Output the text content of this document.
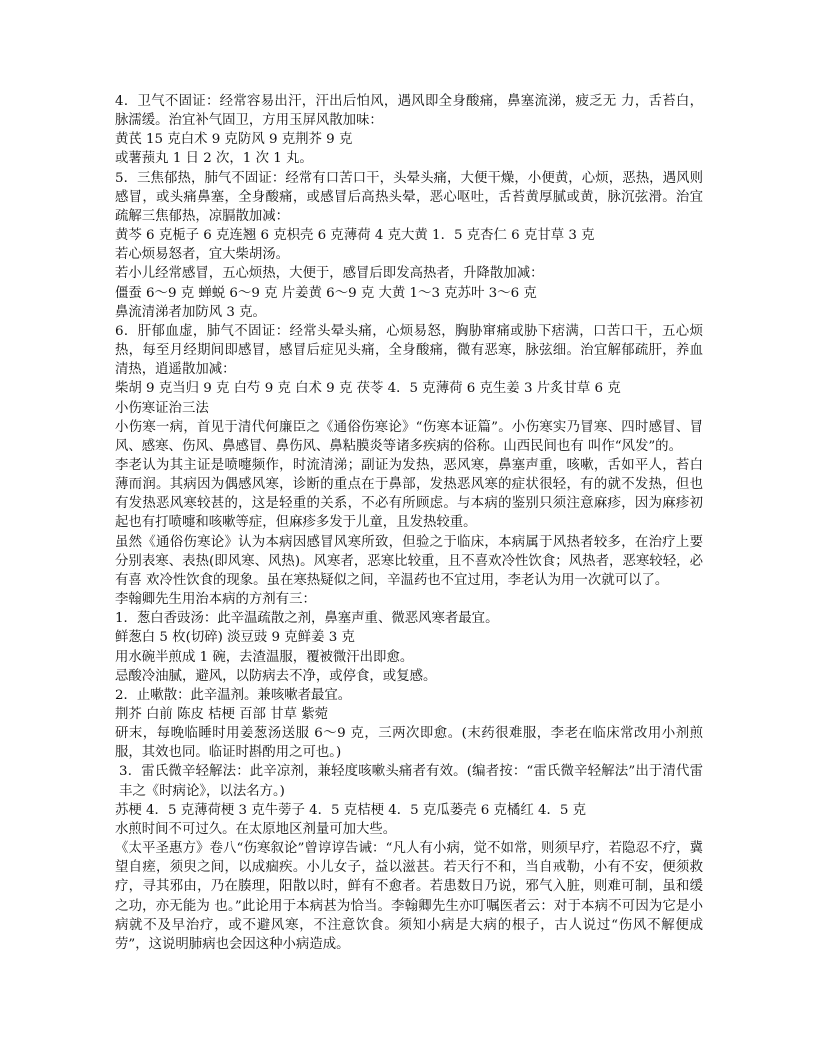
4．卫气不固证：经常容易出汗，汗出后怕风，遇风即全身酸痛，鼻塞流涕，疲乏无 力，舌苔白，脉濡缓。治宜补气固卫，方用玉屏风散加味：

黄芪 15 克白术 9 克防风 9 克荆芥 9 克

或薯蓣丸 1 日 2 次，1 次 1 丸。

5．三焦郁热，肺气不固证：经常有口苦口干，头晕头痛，大便干燥，小便黄，心烦，恶热，遇风则感冒，或头痛鼻塞，全身酸痛，或感冒后高热头晕，恶心呕吐，舌苔黄厚腻或黄，脉沉弦滑。治宜疏解三焦郁热，凉膈散加减：

黄芩 6 克栀子 6 克连翘 6 克枳壳 6 克薄荷 4 克大黄 1．5 克杏仁 6 克甘草 3 克

若心烦易怒者，宜大柴胡汤。

若小儿经常感冒，五心烦热，大便于，感冒后即发高热者，升降散加减：

僵蚕 6～9 克 蝉蜕 6～9 克 片姜黄 6～9 克 大黄 1～3 克苏叶 3～6 克

鼻流清涕者加防风 3 克。

6．肝郁血虚，肺气不固证：经常头晕头痛，心烦易怒，胸胁窜痛或胁下痞满，口苦口干，五心烦热，每至月经期间即感冒，感冒后症见头痛，全身酸痛，微有恶寒，脉弦细。治宜解郁疏肝，养血清热，逍遥散加减：

柴胡 9 克当归 9 克 白芍 9 克 白术 9 克 茯苓 4．5 克薄荷 6 克生姜 3 片炙甘草 6 克

小伤寒证治三法

小伤寒一病，首见于清代何廉臣之《通俗伤寒论》“伤寒本证篇”。小伤寒实乃冒寒、四时感冒、冒风、感寒、伤风、鼻感冒、鼻伤风、鼻粘膜炎等诸多疾病的俗称。山西民间也有 叫作“风发”的。

李老认为其主证是喷嚏频作，时流清涕；副证为发热，恶风寒，鼻塞声重，咳嗽，舌如平人，苔白薄而润。其病因为偶感风寒，诊断的重点在于鼻部，发热恶风寒的症状很轻，有的就不发热，但也有发热恶风寒较甚的，这是轻重的关系，不必有所顾虑。与本病的鉴别只须注意麻疹，因为麻疹初起也有打喷嚏和咳嗽等症，但麻疹多发于儿童，且发热较重。

虽然《通俗伤寒论》认为本病因感冒风寒所致，但验之于临床，本病属于风热者较多，在治疗上要分别表寒、表热(即风寒、风热)。风寒者，恶寒比较重，且不喜欢冷性饮食；风热者，恶寒较轻，必有喜 欢冷性饮食的现象。虽在寒热疑似之间，辛温药也不宜过用，李老认为用一次就可以了。

李翰卿先生用治本病的方剂有三：

1．葱白香豉汤：此辛温疏散之剂，鼻塞声重、微恶风寒者最宜。

鲜葱白 5 枚(切碎) 淡豆豉 9 克鲜姜 3 克

用水碗半煎成 1 碗，去渣温服，覆被微汗出即愈。

忌酸冷油腻，避风，以防病去不净，或停食，或复感。

2．止嗽散：此辛温剂。兼咳嗽者最宜。

荆芥 白前 陈皮 桔梗 百部 甘草 紫菀

研末，每晚临睡时用姜葱汤送服 6～9 克，三两次即愈。(末药很难服，李老在临床常改用小剂煎服，其效也同。临证时斟酌用之可也。)

3．雷氏微辛轻解法：此辛凉剂，兼轻度咳嗽头痛者有效。(编者按：“雷氏微辛轻解法”出于清代雷丰之《时病论》，以法名方。)

苏梗 4．5 克薄荷梗 3 克牛蒡子 4．5 克桔梗 4．5 克瓜蒌壳 6 克橘红 4．5 克

水煎时间不可过久。在太原地区剂量可加大些。

《太平圣惠方》卷八“伤寒叙论”曾谆谆告诫：“凡人有小病，觉不如常，则须早疗，若隐忍不疗，冀望自瘥，须臾之间，以成痼疾。小儿女子，益以滋甚。若天行不和，当自戒勒，小有不安，便须救疗，寻其邪由，乃在腠理，阳散以时，鲜有不愈者。若患数日乃说，邪气入脏，则难可制，虽和缓之功，亦无能为 也。”此论用于本病甚为恰当。李翰卿先生亦叮嘱医者云：对于本病不可因为它是小病就不及早治疗，或不避风寒，不注意饮食。须知小病是大病的根子，古人说过“伤风不解便成劳”，这说明肺病也会因这种小病造成。
